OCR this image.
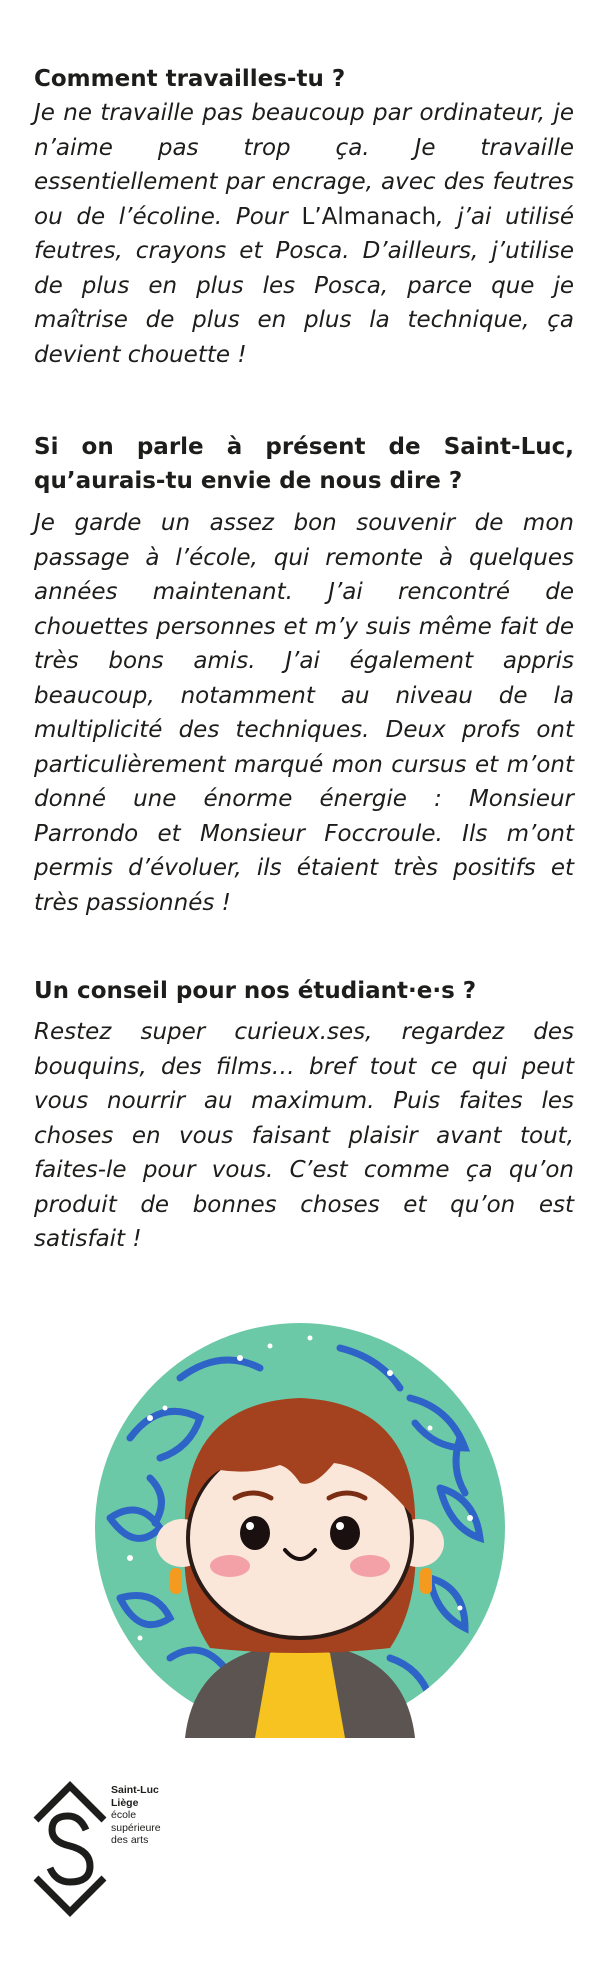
Comment travailles-tu ?

Je ne travaille pas beaucoup par ordinateur, je n’aime pas trop ça. Je travaille essentiellement par encrage, avec des feutres ou de l’écoline. Pour L’Almanach, j’ai utilisé feutres, crayons et Posca. D’ailleurs, j’utilise de plus en plus les Posca, parce que je maîtrise de plus en plus la technique, ça devient chouette !

Si on parle à présent de Saint-Luc, qu’aurais-tu envie de nous dire ?

Je garde un assez bon souvenir de mon passage à l’école, qui remonte à quelques années maintenant. J’ai rencontré de chouettes personnes et m’y suis même fait de très bons amis. J’ai également appris beaucoup, notamment au niveau de la multiplicité des techniques. Deux profs ont particulièrement marqué mon cursus et m’ont donné une énorme énergie : Monsieur Parrondo et Monsieur Foccroule. Ils m’ont permis d’évoluer, ils étaient très positifs et très passionnés !

Un conseil pour nos étudiant·e·s ?

Restez super curieux.ses, regardez des bouquins, des films… bref tout ce qui peut vous nourrir au maximum. Puis faites les choses en vous faisant plaisir avant tout, faites-le pour vous. C’est comme ça qu’on produit de bonnes choses et qu’on est satisfait !

Saint-Luc
Liège
école
supérieure
des arts
